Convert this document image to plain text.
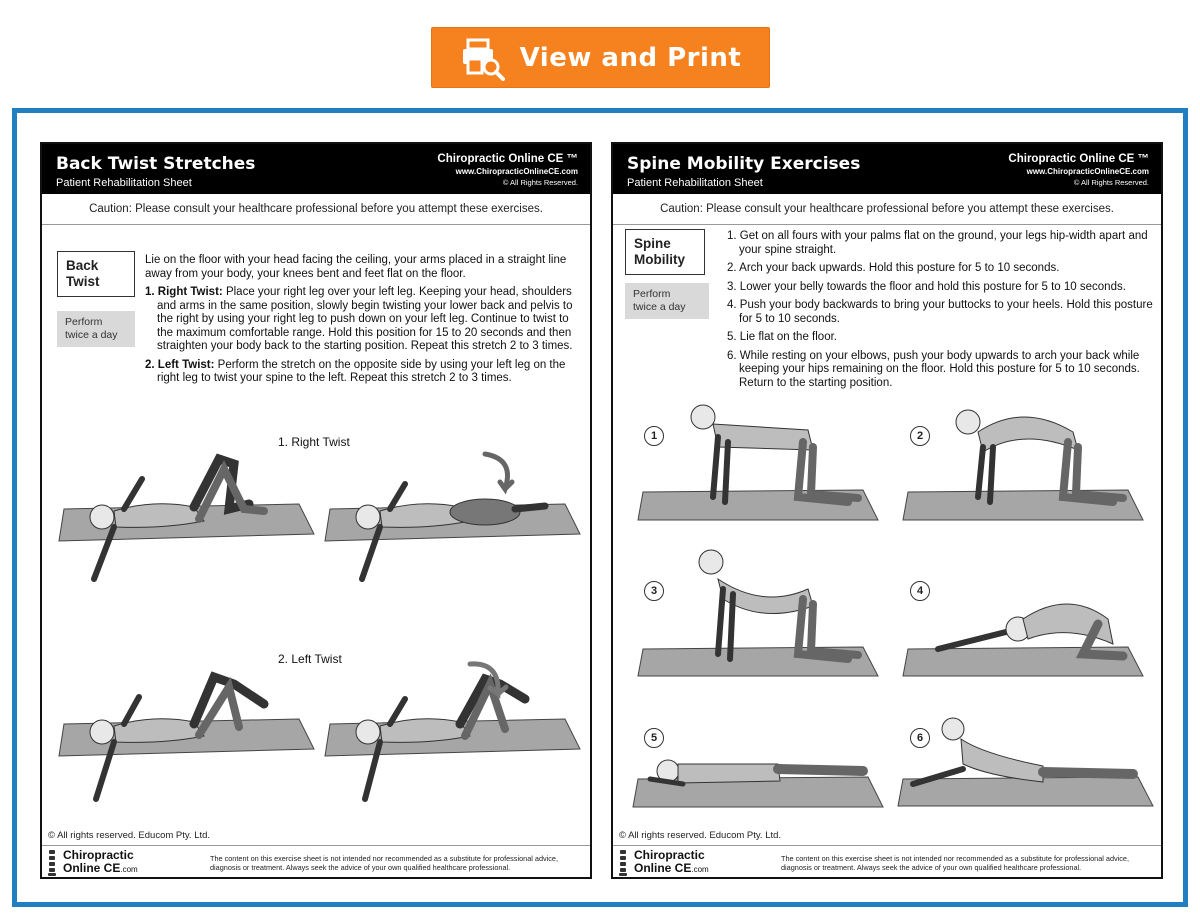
View and Print
Back Twist Stretches
Patient Rehabilitation Sheet
Chiropractic Online CE ™
www.ChiropracticOnlineCE.com
© All Rights Reserved.
Caution: Please consult your healthcare professional before you attempt these exercises.
Back
Twist
Perform
twice a day

Lie on the floor with your head facing the ceiling, your arms placed in a straight line away from your body, your knees bent and feet flat on the floor.

1. Right Twist: Place your right leg over your left leg. Keeping your head, shoulders and arms in the same position, slowly begin twisting your lower back and pelvis to the right by using your right leg to push down on your left leg. Continue to twist to the maximum comfortable range. Hold this position for 15 to 20 seconds and then straighten your body back to the starting position. Repeat this stretch 2 to 3 times.
2. Left Twist: Perform the stretch on the opposite side by using your left leg on the right leg to twist your spine to the left. Repeat this stretch 2 to 3 times.
1. Right Twist
2. Left Twist
© All rights reserved. Educom Pty. Ltd.
Chiropractic
Online CE.com
The content on this exercise sheet is not intended nor recommended as a substitute for professional advice, diagnosis or treatment. Always seek the advice of your own qualified healthcare professional.
Spine Mobility Exercises
Patient Rehabilitation Sheet
Chiropractic Online CE ™
www.ChiropracticOnlineCE.com
© All Rights Reserved.
Caution: Please consult your healthcare professional before you attempt these exercises.
Spine
Mobility
Perform
twice a day
1. Get on all fours with your palms flat on the ground, your legs hip-width apart and your spine straight.
2. Arch your back upwards. Hold this posture for 5 to 10 seconds.
3. Lower your belly towards the floor and hold this posture for 5 to 10 seconds.
4. Push your body backwards to bring your buttocks to your heels. Hold this posture for 5 to 10 seconds.
5. Lie flat on the floor.
6. While resting on your elbows, push your body upwards to arch your back while keeping your hips remaining on the floor. Hold this posture for 5 to 10 seconds. Return to the starting position.
1	2
3	4
5	6
© All rights reserved. Educom Pty. Ltd.
Chiropractic
Online CE.com
The content on this exercise sheet is not intended nor recommended as a substitute for professional advice, diagnosis or treatment. Always seek the advice of your own qualified healthcare professional.
